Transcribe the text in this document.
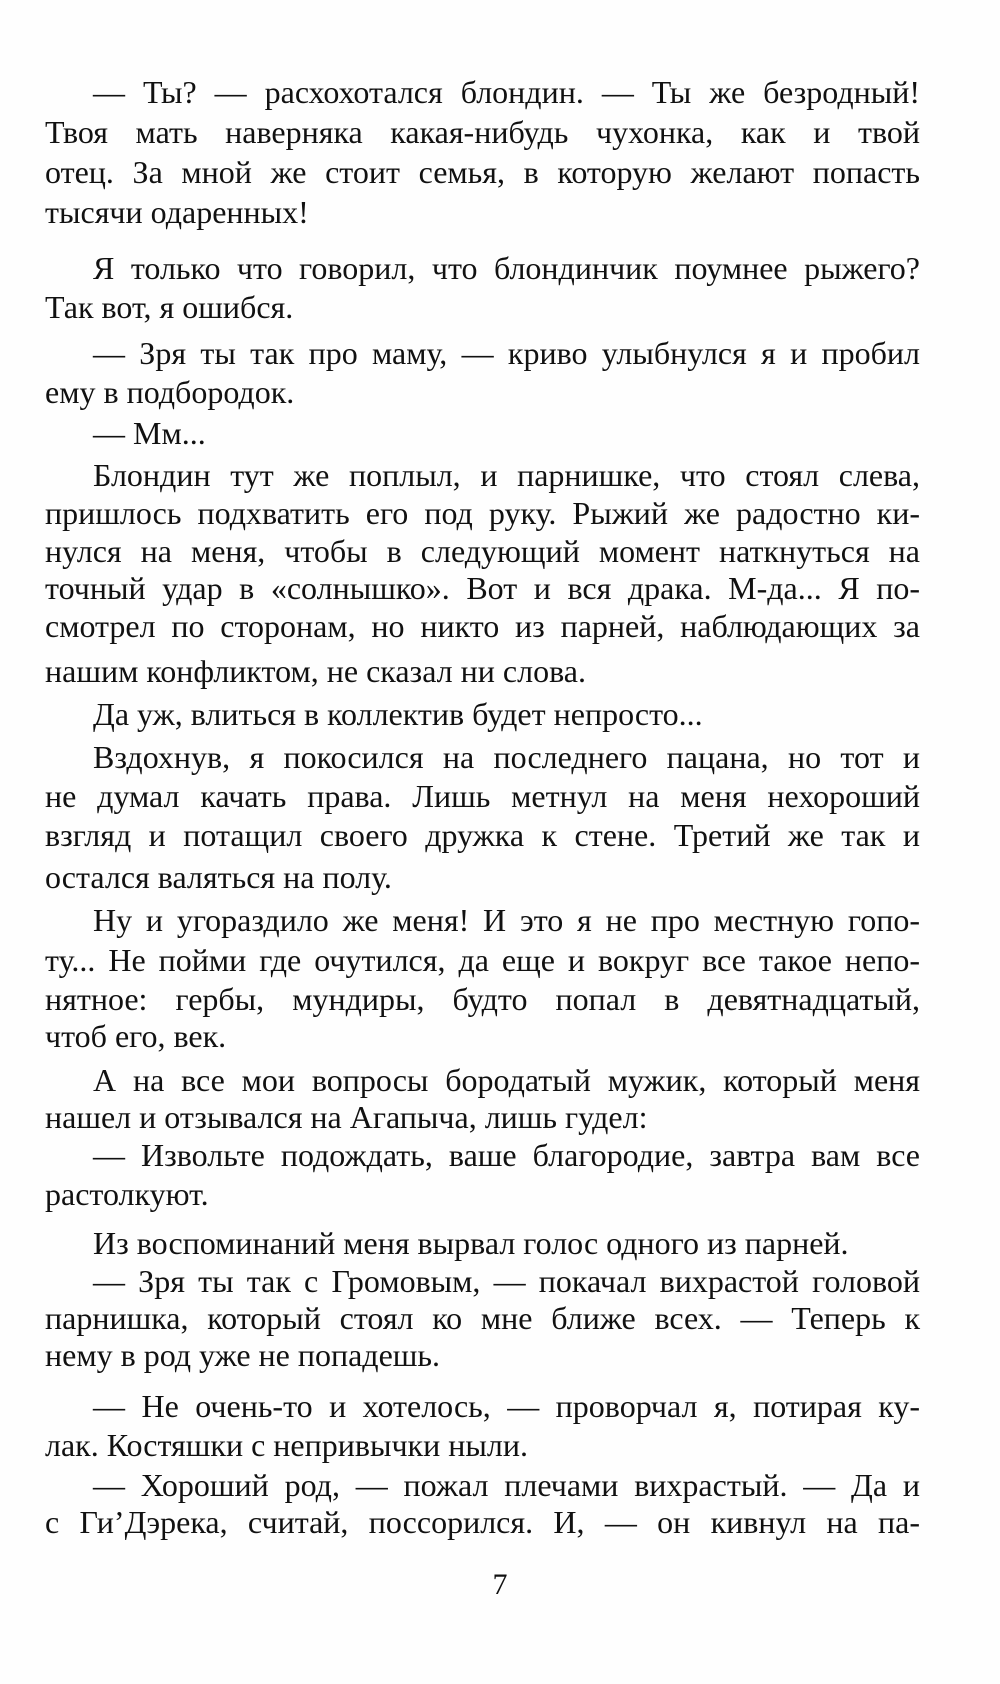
— Ты? — расхохотался блондин. — Ты же безродный!
Твоя мать наверняка какая-нибудь чухонка, как и твой
отец. За мной же стоит семья, в которую желают попасть
тысячи одаренных!
Я только что говорил, что блондинчик поумнее рыжего?
Так вот, я ошибся.
— Зря ты так про маму, — криво улыбнулся я и пробил
ему в подбородок.
— Мм...
Блондин тут же поплыл, и парнишке, что стоял слева,
пришлось подхватить его под руку. Рыжий же радостно ки-
нулся на меня, чтобы в следующий момент наткнуться на
точный удар в «солнышко». Вот и вся драка. М-да... Я по-
смотрел по сторонам, но никто из парней, наблюдающих за
нашим конфликтом, не сказал ни слова.
Да уж, влиться в коллектив будет непросто...
Вздохнув, я покосился на последнего пацана, но тот и
не думал качать права. Лишь метнул на меня нехороший
взгляд и потащил своего дружка к стене. Третий же так и
остался валяться на полу.
Ну и угораздило же меня! И это я не про местную гопо-
ту... Не пойми где очутился, да еще и вокруг все такое непо-
нятное: гербы, мундиры, будто попал в девятнадцатый,
чтоб его, век.
А на все мои вопросы бородатый мужик, который меня
нашел и отзывался на Агапыча, лишь гудел:
— Извольте подождать, ваше благородие, завтра вам все
растолкуют.
Из воспоминаний меня вырвал голос одного из парней.
— Зря ты так с Громовым, — покачал вихрастой головой
парнишка, который стоял ко мне ближе всех. — Теперь к
нему в род уже не попадешь.
— Не очень-то и хотелось, — проворчал я, потирая ку-
лак. Костяшки с непривычки ныли.
— Хороший род, — пожал плечами вихрастый. — Да и
с Ги’Дэрека, считай, поссорился. И, — он кивнул на па-
7
